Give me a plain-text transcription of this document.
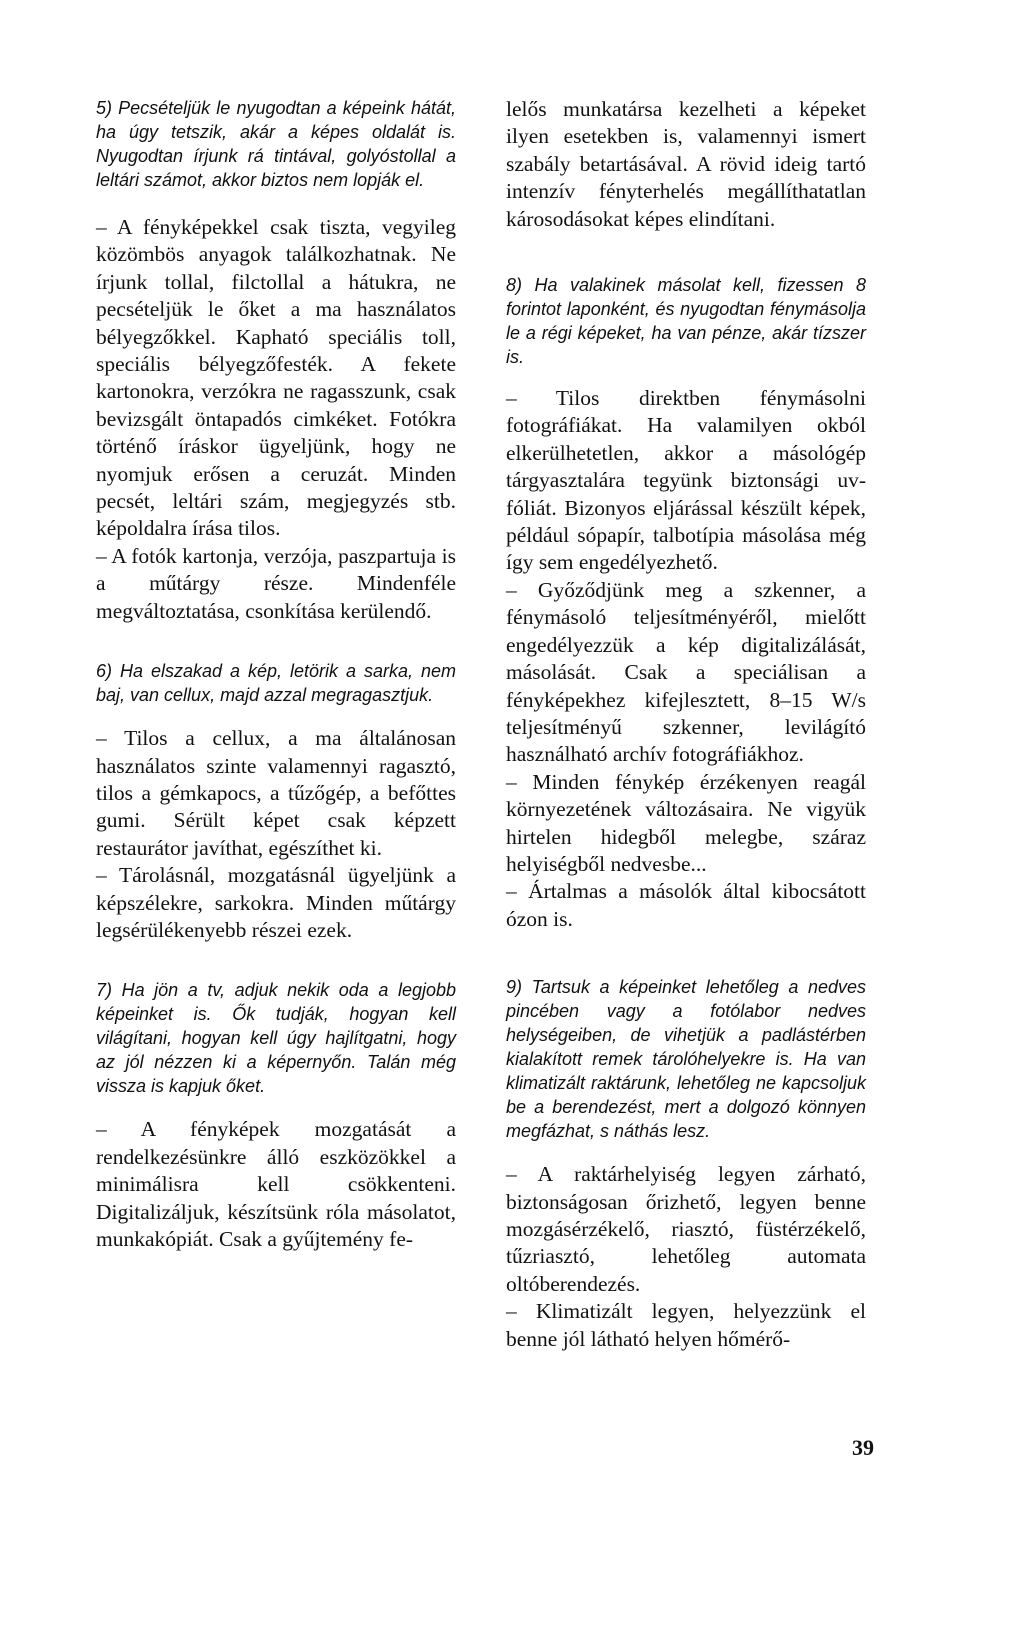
5) Pecsételjük le nyugodtan a képeink hátát, ha úgy tetszik, akár a képes oldalát is. Nyugodtan írjunk rá tintával, golyóstollal a leltári számot, akkor biztos nem lopják el.

– A fényképekkel csak tiszta, vegyileg közömbös anyagok találkozhatnak. Ne írjunk tollal, filctollal a hátukra, ne pecsételjük le őket a ma használatos bélyegzőkkel. Kapható speciális toll, speciális bélyegzőfesték. A fekete kartonokra, verzókra ne ragasszunk, csak bevizsgált öntapadós cimkéket. Fotókra történő íráskor ügyeljünk, hogy ne nyomjuk erősen a ceruzát. Minden pecsét, leltári szám, megjegyzés stb. képoldalra írása tilos.

– A fotók kartonja, verzója, paszpartuja is a műtárgy része. Mindenféle megváltoztatása, csonkítása kerülendő.

6) Ha elszakad a kép, letörik a sarka, nem baj, van cellux, majd azzal megragasztjuk.

– Tilos a cellux, a ma általánosan használatos szinte valamennyi ragasztó, tilos a gémkapocs, a tűzőgép, a befőttes gumi. Sérült képet csak képzett restaurátor javíthat, egészíthet ki.

– Tárolásnál, mozgatásnál ügyeljünk a képszélekre, sarkokra. Minden műtárgy legsérülékenyebb részei ezek.

7) Ha jön a tv, adjuk nekik oda a legjobb képeinket is. Ők tudják, hogyan kell világítani, hogyan kell úgy hajlítgatni, hogy az jól nézzen ki a képernyőn. Talán még vissza is kapjuk őket.

– A fényképek mozgatását a rendelkezésünkre álló eszközökkel a minimálisra kell csökkenteni. Digitalizáljuk, készítsünk róla másolatot, munkakópiát. Csak a gyűjtemény fe-

lelős munkatársa kezelheti a képeket ilyen esetekben is, valamennyi ismert szabály betartásával. A rövid ideig tartó intenzív fényterhelés megállíthatatlan károsodásokat képes elindítani.

8) Ha valakinek másolat kell, fizessen 8 forintot laponként, és nyugodtan fénymásolja le a régi képeket, ha van pénze, akár tízszer is.

– Tilos direktben fénymásolni fotográfiákat. Ha valamilyen okból elkerülhetetlen, akkor a másológép tárgyasztalára tegyünk biztonsági uv-fóliát. Bizonyos eljárással készült képek, például sópapír, talbotípia másolása még így sem engedélyezhető.

– Győződjünk meg a szkenner, a fénymásoló teljesítményéről, mielőtt engedélyezzük a kép digitalizálását, másolását. Csak a speciálisan a fényképekhez kifejlesztett, 8–15 W/s teljesítményű szkenner, levilágító használható archív fotográfiákhoz.

– Minden fénykép érzékenyen reagál környezetének változásaira. Ne vigyük hirtelen hidegből melegbe, száraz helyiségből nedvesbe...

– Ártalmas a másolók által kibocsátott ózon is.

9) Tartsuk a képeinket lehetőleg a nedves pincében vagy a fotólabor nedves helységeiben, de vihetjük a padlástérben kialakított remek tárolóhelyekre is. Ha van klimatizált raktárunk, lehetőleg ne kapcsoljuk be a berendezést, mert a dolgozó könnyen megfázhat, s náthás lesz.

– A raktárhelyiség legyen zárható, biztonságosan őrizhető, legyen benne mozgásérzékelő, riasztó, füstérzékelő, tűzriasztó, lehetőleg automata oltóberendezés.

– Klimatizált legyen, helyezzünk el benne jól látható helyen hőmérő-

39
